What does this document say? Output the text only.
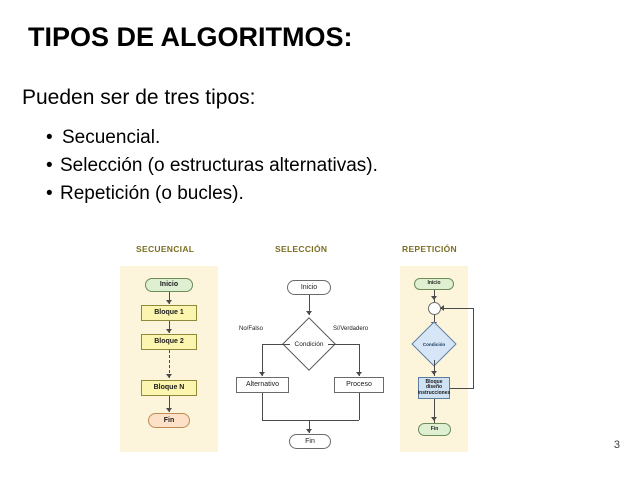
TIPOS DE ALGORITMOS:
Pueden ser de tres tipos:
• Secuencial.
• Selección (o estructuras alternativas).
• Repetición (o bucles).
SECUENCIAL	SELECCIÓN	REPETICIÓN
Inicio
Bloque 1
Bloque 2
Bloque N
Fin
Inicio
Condición
No/Falso
Alternativo
Sí/Verdadero
Proceso
Fin
Inicio
Condición
Bloque diseño instrucciones
Fin
3
